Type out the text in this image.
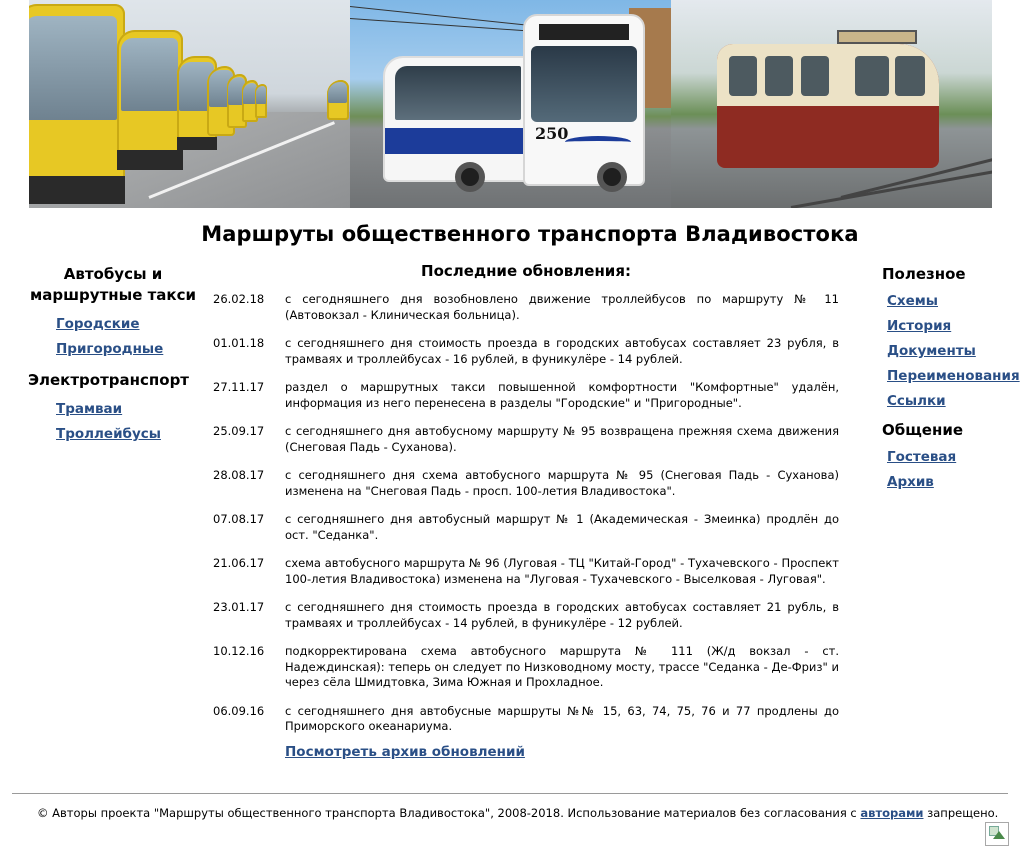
250
Маршруты общественного транспорта Владивостока
Автобусы и маршрутные такси
Городские
Пригородные
Электротранспорт
Трамваи
Троллейбусы
Полезное
Схемы
История
Документы
Переименования
Ссылки
Общение
Гостевая
Архив
Последние обновления:
26.02.18	с сегодняшнего дня возобновлено движение троллейбусов по маршруту № 11 (Автовокзал - Клиническая больница).
01.01.18	с сегодняшнего дня стоимость проезда в городских автобусах составляет 23 рубля, в трамваях и троллейбусах - 16 рублей, в фуникулёре - 14 рублей.
27.11.17	раздел о маршрутных такси повышенной комфортности "Комфортные" удалён, информация из него перенесена в разделы "Городские" и "Пригородные".
25.09.17	с сегодняшнего дня автобусному маршруту № 95 возвращена прежняя схема движения (Снеговая Падь - Суханова).
28.08.17	с сегодняшнего дня схема автобусного маршрута № 95 (Снеговая Падь - Суханова) изменена на "Снеговая Падь - просп. 100-летия Владивостока".
07.08.17	с сегодняшнего дня автобусный маршрут № 1 (Академическая - Змеинка) продлён до ост. "Седанка".
21.06.17	схема автобусного маршрута № 96 (Луговая - ТЦ "Китай-Город" - Тухачевского - Проспект 100-летия Владивостока) изменена на "Луговая - Тухачевского - Выселковая - Луговая".
23.01.17	с сегодняшнего дня стоимость проезда в городских автобусах составляет 21 рубль, в трамваях и троллейбусах - 14 рублей, в фуникулёре - 12 рублей.
10.12.16	подкорректирована схема автобусного маршрута № 111 (Ж/д вокзал - ст. Надеждинская): теперь он следует по Низководному мосту, трассе "Седанка - Де-Фриз" и через сёла Шмидтовка, Зима Южная и Прохладное.
06.09.16	с сегодняшнего дня автобусные маршруты №№ 15, 63, 74, 75, 76 и 77 продлены до Приморского океанариума.
Посмотреть архив обновлений
© Авторы проекта "Маршруты общественного транспорта Владивостока", 2008-2018. Использование материалов без согласования с авторами запрещено.
